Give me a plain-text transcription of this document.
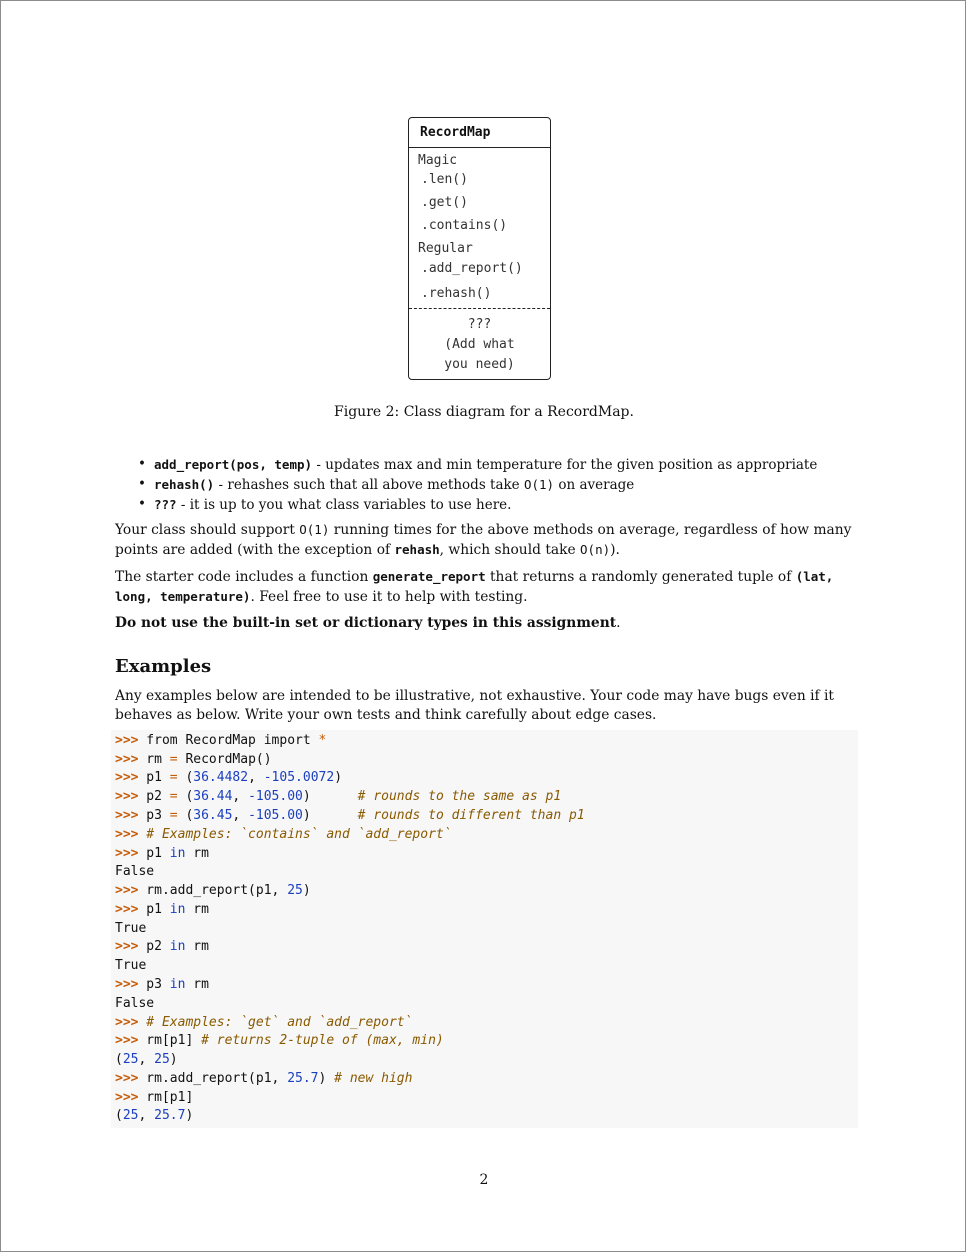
RecordMap
Magic
.len()
.get()
.contains()
Regular
.add_report()
.rehash()
???
(Add what
you need)
Figure 2: Class diagram for a RecordMap.
• add_report(pos, temp) - updates max and min temperature for the given position as appropriate
• rehash() - rehashes such that all above methods take O(1) on average
• ??? - it is up to you what class variables to use here.

Your class should support O(1) running times for the above methods on average, regardless of how many
points are added (with the exception of rehash, which should take O(n)).

The starter code includes a function generate_report that returns a randomly generated tuple of (lat,
long, temperature). Feel free to use it to help with testing.

Do not use the built-in set or dictionary types in this assignment.

Examples

Any examples below are intended to be illustrative, not exhaustive. Your code may have bugs even if it
behaves as below. Write your own tests and think carefully about edge cases.

>>> from RecordMap import *
>>> rm = RecordMap()
>>> p1 = (36.4482, -105.0072)
>>> p2 = (36.44, -105.00)      # rounds to the same as p1
>>> p3 = (36.45, -105.00)      # rounds to different than p1
>>> # Examples: `contains` and `add_report`
>>> p1 in rm
False
>>> rm.add_report(p1, 25)
>>> p1 in rm
True
>>> p2 in rm
True
>>> p3 in rm
False
>>> # Examples: `get` and `add_report`
>>> rm[p1] # returns 2-tuple of (max, min)
(25, 25)
>>> rm.add_report(p1, 25.7) # new high
>>> rm[p1]
(25, 25.7)
2
